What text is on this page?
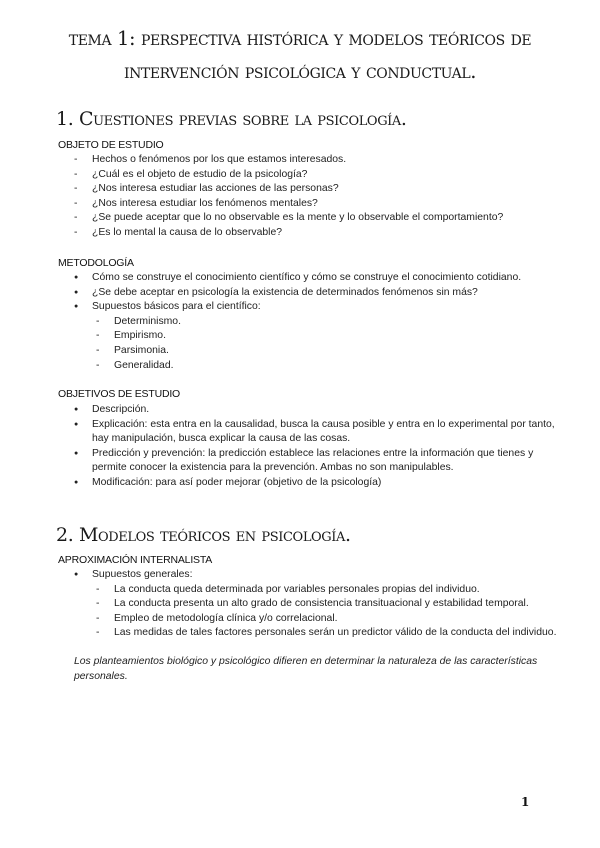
tema 1: perspectiva histórica y modelos teóricos de intervención psicológica y conductual.
1. Cuestiones previas sobre la psicología.
OBJETO DE ESTUDIO
- Hechos o fenómenos por los que estamos interesados.
- ¿Cuál es el objeto de estudio de la psicología?
- ¿Nos interesa estudiar las acciones de las personas?
- ¿Nos interesa estudiar los fenómenos mentales?
- ¿Se puede aceptar que lo no observable es la mente y lo observable el comportamiento?
- ¿Es lo mental la causa de lo observable?
METODOLOGÍA
● Cómo se construye el conocimiento científico y cómo se construye el conocimiento cotidiano.
● ¿Se debe aceptar en psicología la existencia de determinados fenómenos sin más?
● Supuestos básicos para el científico:
- Determinismo.
- Empirismo.
- Parsimonia.
- Generalidad.
OBJETIVOS DE ESTUDIO
● Descripción.
● Explicación: esta entra en la causalidad, busca la causa posible y entra en lo experimental por tanto, hay manipulación, busca explicar la causa de las cosas.
● Predicción y prevención: la predicción establece las relaciones entre la información que tienes y permite conocer la existencia para la prevención. Ambas no son manipulables.
● Modificación: para así poder mejorar (objetivo de la psicología)
2. Modelos teóricos en psicología.
APROXIMACIÓN INTERNALISTA
● Supuestos generales:
- La conducta queda determinada por variables personales propias del individuo.
- La conducta presenta un alto grado de consistencia transituacional y estabilidad temporal.
- Empleo de metodología clínica y/o correlacional.
- Las medidas de tales factores personales serán un predictor válido de la conducta del individuo.

Los planteamientos biológico y psicológico difieren en determinar la naturaleza de las características personales.

1
